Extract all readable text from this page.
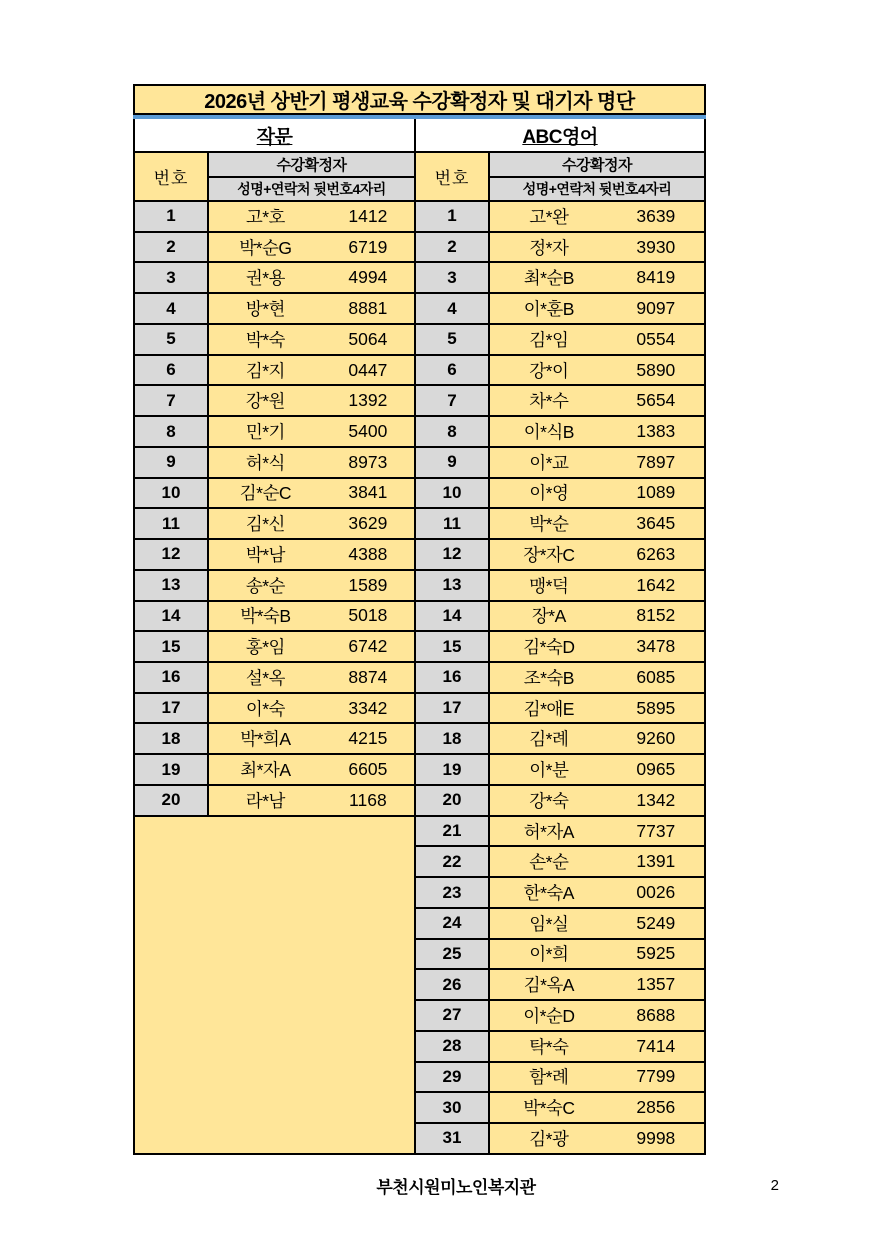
2026년 상반기 평생교육 수강확정자 및 대기자 명단
작문
번호
수강확정자
성명+연락처 뒷번호4자리
1	고*호	1412
2	박*순G	6719
3	권*용	4994
4	방*현	8881
5	박*숙	5064
6	김*지	0447
7	강*원	1392
8	민*기	5400
9	허*식	8973
10	김*순C	3841
11	김*신	3629
12	박*남	4388
13	송*순	1589
14	박*숙B	5018
15	홍*임	6742
16	설*옥	8874
17	이*숙	3342
18	박*희A	4215
19	최*자A	6605
20	라*남	1168
ABC영어
번호
수강확정자
성명+연락처 뒷번호4자리
1	고*완	3639
2	정*자	3930
3	최*순B	8419
4	이*훈B	9097
5	김*임	0554
6	강*이	5890
7	차*수	5654
8	이*식B	1383
9	이*교	7897
10	이*영	1089
11	박*순	3645
12	장*자C	6263
13	맹*덕	1642
14	장*A	8152
15	김*숙D	3478
16	조*숙B	6085
17	김*애E	5895
18	김*례	9260
19	이*분	0965
20	강*숙	1342
21	허*자A	7737
22	손*순	1391
23	한*숙A	0026
24	임*실	5249
25	이*희	5925
26	김*옥A	1357
27	이*순D	8688
28	탁*숙	7414
29	함*례	7799
30	박*숙C	2856
31	김*광	9998
부천시원미노인복지관	2
